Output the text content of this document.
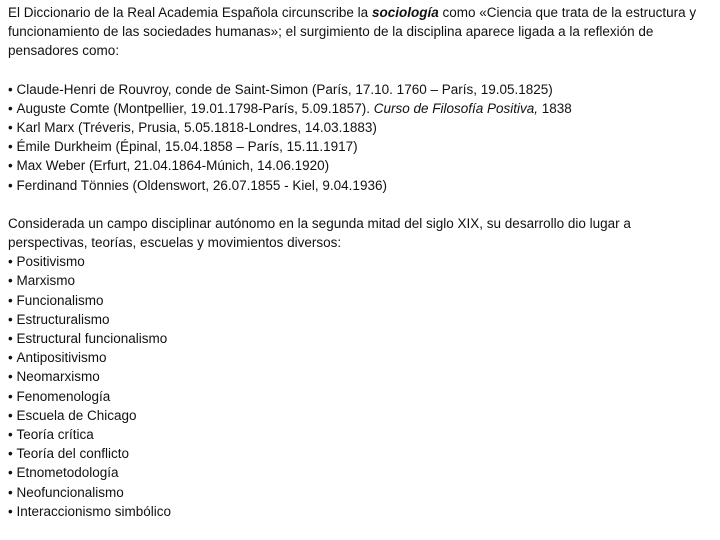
El Diccionario de la Real Academia Española circunscribe la sociología como «Ciencia que trata de la estructura y funcionamiento de las sociedades humanas»; el surgimiento de la disciplina aparece ligada a la reflexión de pensadores como:

• Claude-Henri de Rouvroy, conde de Saint-Simon (París, 17.10. 1760 – París, 19.05.1825)
• Auguste Comte (Montpellier, 19.01.1798-París, 5.09.1857). Curso de Filosofía Positiva, 1838
• Karl Marx (Tréveris, Prusia, 5.05.1818-Londres, 14.03.1883)
• Émile Durkheim (Épinal, 15.04.1858 – París, 15.11.1917)
• Max Weber (Erfurt, 21.04.1864-Múnich, 14.06.1920)
• Ferdinand Tönnies (Oldenswort, 26.07.1855 - Kiel, 9.04.1936)

Considerada un campo disciplinar autónomo en la segunda mitad del siglo XIX, su desarrollo dio lugar a perspectivas, teorías, escuelas y movimientos diversos:

• Positivismo
• Marxismo
• Funcionalismo
• Estructuralismo
• Estructural funcionalismo
• Antipositivismo
• Neomarxismo
• Fenomenología
• Escuela de Chicago
• Teoría crítica
• Teoría del conflicto
• Etnometodología
• Neofuncionalismo
• Interaccionismo simbólico
